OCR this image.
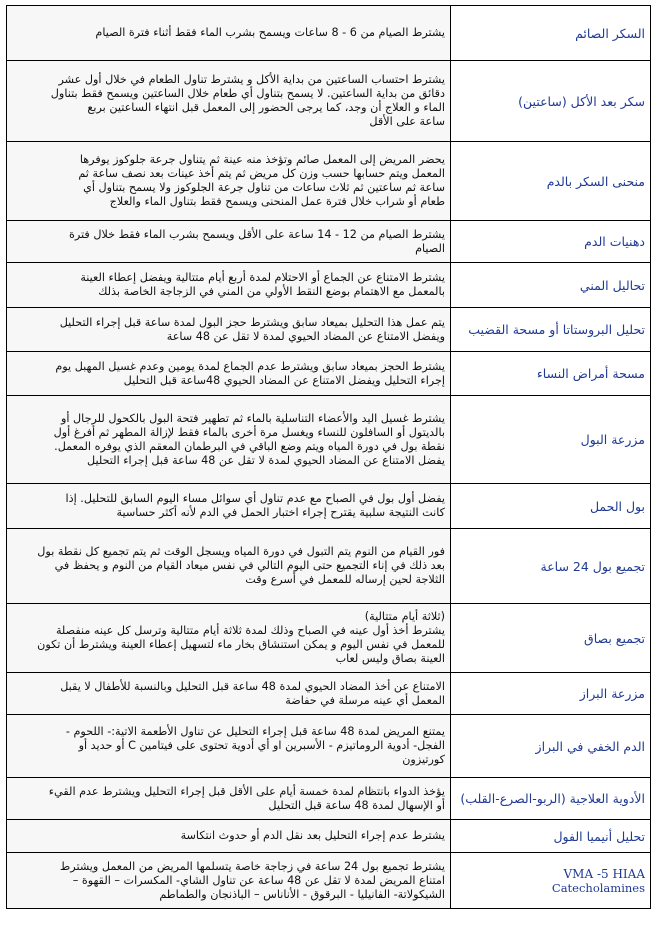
السكر الصائم	يشترط الصيام من 6 - 8 ساعات ويسمح بشرب الماء فقط أثناء فترة الصيام

سكر بعد الأكل (ساعتين)	يشترط احتساب الساعتين من بداية الأكل و يشترط تناول الطعام في خلال أول عشر
دقائق من بداية الساعتين. لا يسمح بتناول أي طعام خلال الساعتين ويسمح فقط بتناول
الماء و العلاج أن وجد، كما يرجى الحضور إلى المعمل قبل انتهاء الساعتين بربع
ساعة على الأقل

منحنى السكر بالدم	يحضر المريض إلى المعمل صائم وتؤخذ منه عينة ثم يتناول جرعة جلوكوز يوفرها
المعمل ويتم حسابها حسب وزن كل مريض ثم يتم أخذ عينات بعد نصف ساعة ثم
ساعة ثم ساعتين ثم ثلاث ساعات من تناول جرعة الجلوكوز ولا يسمح بتناول أي
طعام أو شراب خلال فترة عمل المنحنى ويسمح فقط بتناول الماء والعلاج

دهنيات الدم	يشترط الصيام من 12 - 14 ساعة على الأقل ويسمح بشرب الماء فقط خلال فترة
الصيام

تحاليل المني	يشترط الامتناع عن الجماع أو الاحتلام لمدة أربع أيام متتالية ويفضل إعطاء العينة
بالمعمل مع الاهتمام بوضع النقط الأولي من المني في الزجاجة الخاصة بذلك

تحليل البروستاتا أو مسحة القضيب	يتم عمل هذا التحليل بميعاد سابق ويشترط حجز البول لمدة ساعة قبل إجراء التحليل
ويفضل الامتناع عن المضاد الحيوي لمدة لا تقل عن 48 ساعة

مسحة أمراض النساء	يشترط الحجز بميعاد سابق ويشترط عدم الجماع لمدة يومين وعدم غسيل المهبل يوم
إجراء التحليل ويفضل الامتناع عن المضاد الحيوي 48ساعة قبل التحليل

مزرعة البول	يشترط غسيل اليد والأعضاء التناسلية بالماء ثم تطهير فتحة البول بالكحول للرجال أو
بالديتول أو السافلون للنساء ويغسل مرة أخرى بالماء فقط لإزالة المطهر ثم أفرغ أول
نقطة بول في دورة المياه ويتم وضع الباقي في البرطمان المعقم الذي يوفره المعمل.
يفضل الامتناع عن المضاد الحيوي لمدة لا تقل عن 48 ساعة قبل إجراء التحليل

بول الحمل	يفضل أول بول في الصباح مع عدم تناول أي سوائل مساء اليوم السابق للتحليل. إذا
كانت النتيجة سلبية يقترح إجراء اختبار الحمل في الدم لأنه أكثر حساسية

تجميع بول 24 ساعة	فور القيام من النوم يتم التبول في دورة المياه ويسجل الوقت ثم يتم تجميع كل نقطة بول
بعد ذلك في إناء التجميع حتى اليوم التالي في نفس ميعاد القيام من النوم و يحفظ في
الثلاجة لحين إرساله للمعمل في أسرع وقت

تجميع بصاق	(ثلاثة أيام متتالية)
يشترط أخذ أول عينه في الصباح وذلك لمدة ثلاثة أيام متتالية وترسل كل عينه منفصلة
للمعمل في نفس اليوم و يمكن استنشاق بخار ماء لتسهيل إعطاء العينة ويشترط أن تكون
العينة بصاق وليس لعاب

مزرعة البراز	الامتناع عن أخذ المضاد الحيوي لمدة 48 ساعة قبل التحليل وبالنسبة للأطفال لا يقبل
المعمل أي عينه مرسلة في حفاضة

الدم الخفي في البراز	يمتنع المريض لمدة 48 ساعة قبل إجراء التحليل عن تناول الأطعمة الاتية:- اللحوم -
الفجل- أدوية الروماتيزم - الأسبرين او أي أدوية تحتوى على فيتامين C أو حديد أو
كورتيزون

الأدوية العلاجية (الربو-الصرع-القلب)	يؤخذ الدواء بانتظام لمدة خمسة أيام على الأقل قبل إجراء التحليل ويشترط عدم القيء
أو الإسهال لمدة 48 ساعة قبل التحليل

تحليل أنيميا الفول	يشترط عدم إجراء التحليل بعد نقل الدم أو حدوث انتكاسة

VMA -5 HIAA
Catecholamines	يشترط تجميع بول 24 ساعة في زجاجة خاصة يتسلمها المريض من المعمل ويشترط
امتناع المريض لمدة لا تقل عن 48 ساعة عن تناول الشاي- المكسرات – القهوة –
الشيكولاتة- الفانيليا - البرقوق - الأناناس – الباذنجان والطماطم
